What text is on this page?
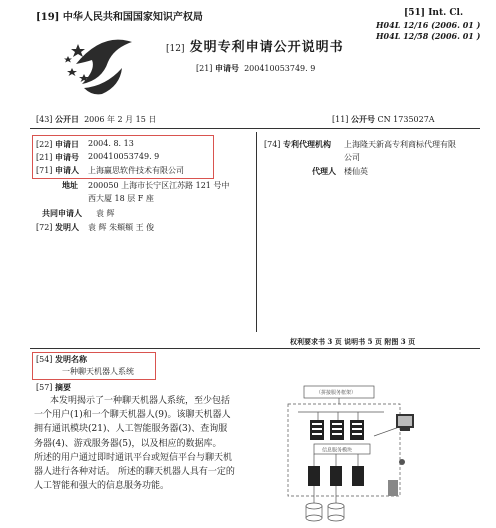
[19] 中华人民共和国国家知识产权局	[51] Int. Cl.
H04L 12/16 (2006. 01 )
H04L 12/58 (2006. 01 )
[12] 发明专利申请公开说明书
[21] 申请号 200410053749. 9
[43] 公开日 2006 年 2 月 15 日	[11] 公开号 CN 1735027A
[22] 申请日 2004. 8. 13
[21] 申请号 200410053749. 9
[71] 申请人 上海赢思软件技术有限公司
地址 200050 上海市长宁区江苏路 121 号中
西大厦 18 层 F 座
共同申请人 袁 辉
[72] 发明人 袁 辉 朱頫頫 王 俊
[74] 专利代理机构 上海隆天新高专利商标代理有限
公司
代理人 楼仙英
权利要求书 3 页 说明书 5 页 附图 3 页
[54] 发明名称
一种聊天机器人系统
[57] 摘要
本发明揭示了一种聊天机器人系统，至少包括
一个用户(1)和一个聊天机器人(9)。该聊天机器人
拥有通讯模块(21)、人工智能服务器(3)、查询服
务器(4)、游戏服务器(5)，以及相应的数据库。
所述的用户通过即时通讯平台或短信平台与聊天机
器人进行各种对话。 所述的聊天机器人具有一定的
人工智能和强大的信息服务功能。
（拼接服务框架）
信息服务模块
